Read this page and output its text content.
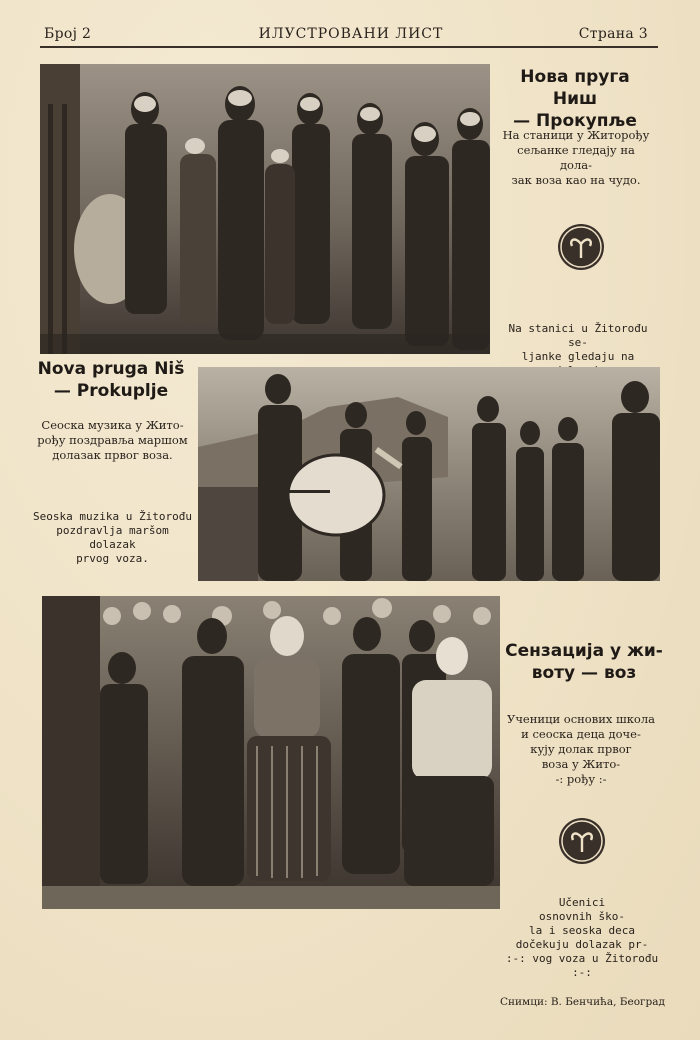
Број 2	ИЛУСТРОВАНИ ЛИСТ	Страна 3
Нова пруга Ниш
— Прокупље
На станици у Житорођу
сељанке гледају на дола-
зак воза као на чудо.
Na stanici u Žitorođu se-
ljanke gledaju na
Nova pruga Niš
— Prokuplje
Сеоска музика у Жито-
рођу поздравља маршом
долазак првог воза.
Seoska muzika u Žitorođu
pozdravlja maršom dolazak
prvog voza.
Сензација у жи-
воту — воз
Ученици основих школа
и сеоска деца доче-
кују долак првог
воза у Жито-
-: рођу :-
Učenici
osnovnih ško-
la i seoska deca
dočekuju dolazak pr-
:-: vog voza u Žitorođu :-:
Снимци: В. Бенчића, Београд
